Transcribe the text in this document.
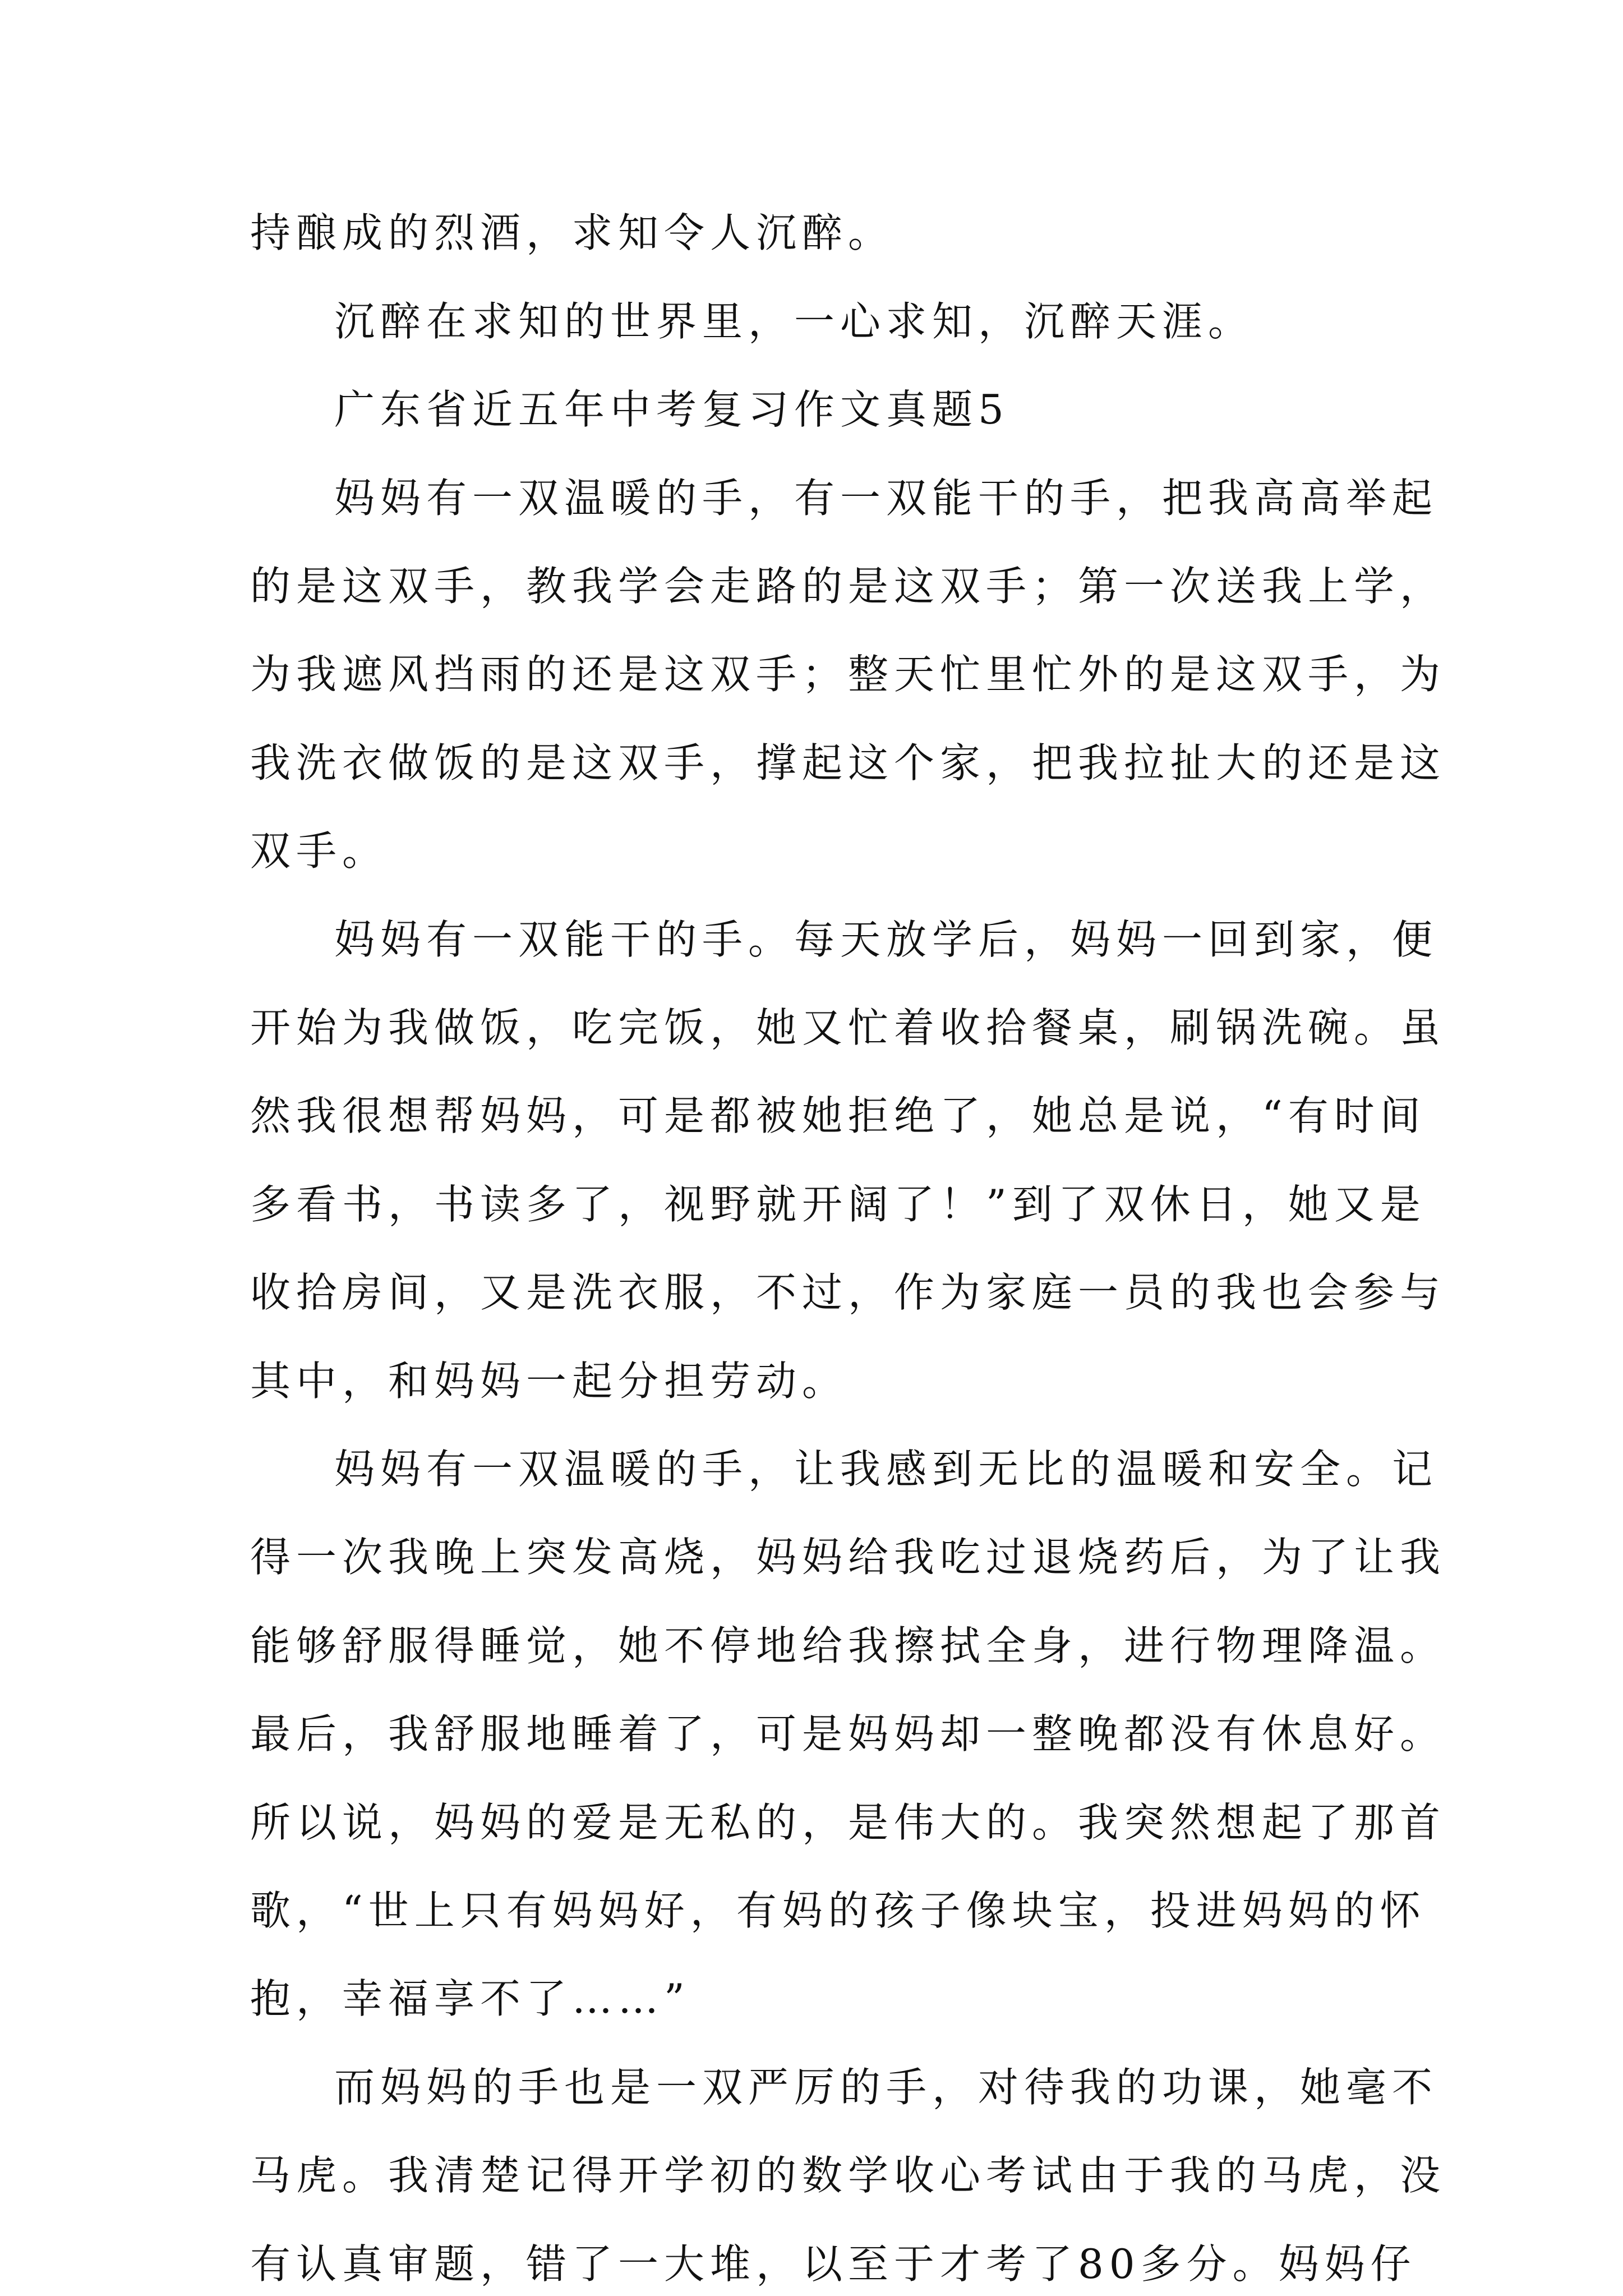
持酿成的烈酒，求知令人沉醉。
沉醉在求知的世界里，一心求知，沉醉天涯。
广东省近五年中考复习作文真题5
妈妈有一双温暖的手，有一双能干的手，把我高高举起
的是这双手，教我学会走路的是这双手；第一次送我上学，
为我遮风挡雨的还是这双手；整天忙里忙外的是这双手，为
我洗衣做饭的是这双手，撑起这个家，把我拉扯大的还是这
双手。
妈妈有一双能干的手。每天放学后，妈妈一回到家，便
开始为我做饭，吃完饭，她又忙着收拾餐桌，刷锅洗碗。虽
然我很想帮妈妈，可是都被她拒绝了，她总是说，“有时间
多看书，书读多了，视野就开阔了！”到了双休日，她又是
收拾房间，又是洗衣服，不过，作为家庭一员的我也会参与
其中，和妈妈一起分担劳动。
妈妈有一双温暖的手，让我感到无比的温暖和安全。记
得一次我晚上突发高烧，妈妈给我吃过退烧药后，为了让我
能够舒服得睡觉，她不停地给我擦拭全身，进行物理降温。
最后，我舒服地睡着了，可是妈妈却一整晚都没有休息好。
所以说，妈妈的爱是无私的，是伟大的。我突然想起了那首
歌，“世上只有妈妈好，有妈的孩子像块宝，投进妈妈的怀
抱，幸福享不了……”
而妈妈的手也是一双严厉的手，对待我的功课，她毫不
马虎。我清楚记得开学初的数学收心考试由于我的马虎，没
有认真审题，错了一大堆，以至于才考了80多分。妈妈仔
